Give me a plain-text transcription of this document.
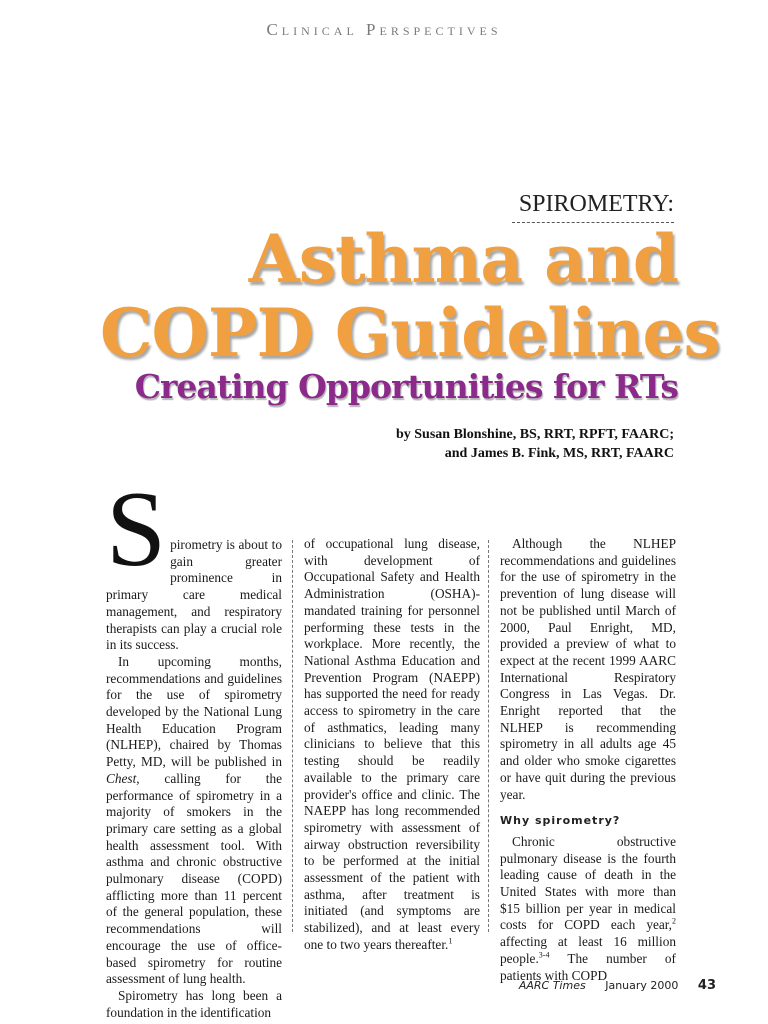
Clinical Perspectives
SPIROMETRY:
Asthma and
COPD Guidelines
Creating Opportunities for RTs
by Susan Blonshine, BS, RRT, RPFT, FAARC;
and James B. Fink, MS, RRT, FAARC
S pirometry is about to gain greater prominence in primary care medical management, and respiratory therapists can play a crucial role in its success.

In upcoming months, recommendations and guidelines for the use of spirometry developed by the National Lung Health Education Program (NLHEP), chaired by Thomas Petty, MD, will be published in Chest, calling for the performance of spirometry in a majority of smokers in the primary care setting as a global health assessment tool. With asthma and chronic obstructive pulmonary disease (COPD) afflicting more than 11 percent of the general population, these recommendations will encourage the use of office-based spirometry for routine assessment of lung health.

Spirometry has long been a foundation in the identification

of occupational lung disease, with development of Occupational Safety and Health Administration (OSHA)-mandated training for personnel performing these tests in the workplace. More recently, the National Asthma Education and Prevention Program (NAEPP) has supported the need for ready access to spirometry in the care of asthmatics, leading many clinicians to believe that this testing should be readily available to the primary care provider's office and clinic. The NAEPP has long recommended spirometry with assessment of airway obstruction reversibility to be performed at the initial assessment of the patient with asthma, after treatment is initiated (and symptoms are stabilized), and at least every one to two years thereafter.$^1$

Although the NLHEP recommendations and guidelines for the use of spirometry in the prevention of lung disease will not be published until March of 2000, Paul Enright, MD, provided a preview of what to expect at the recent 1999 AARC International Respiratory Congress in Las Vegas. Dr. Enright reported that the NLHEP is recommending spirometry in all adults age 45 and older who smoke cigarettes or have quit during the previous year.

Why spirometry?

Chronic obstructive pulmonary disease is the fourth leading cause of death in the United States with more than $15 billion per year in medical costs for COPD each year,$^2$ affecting at least 16 million people.$^{3-4}$ The number of patients with COPD

AARC Times January 2000 43
